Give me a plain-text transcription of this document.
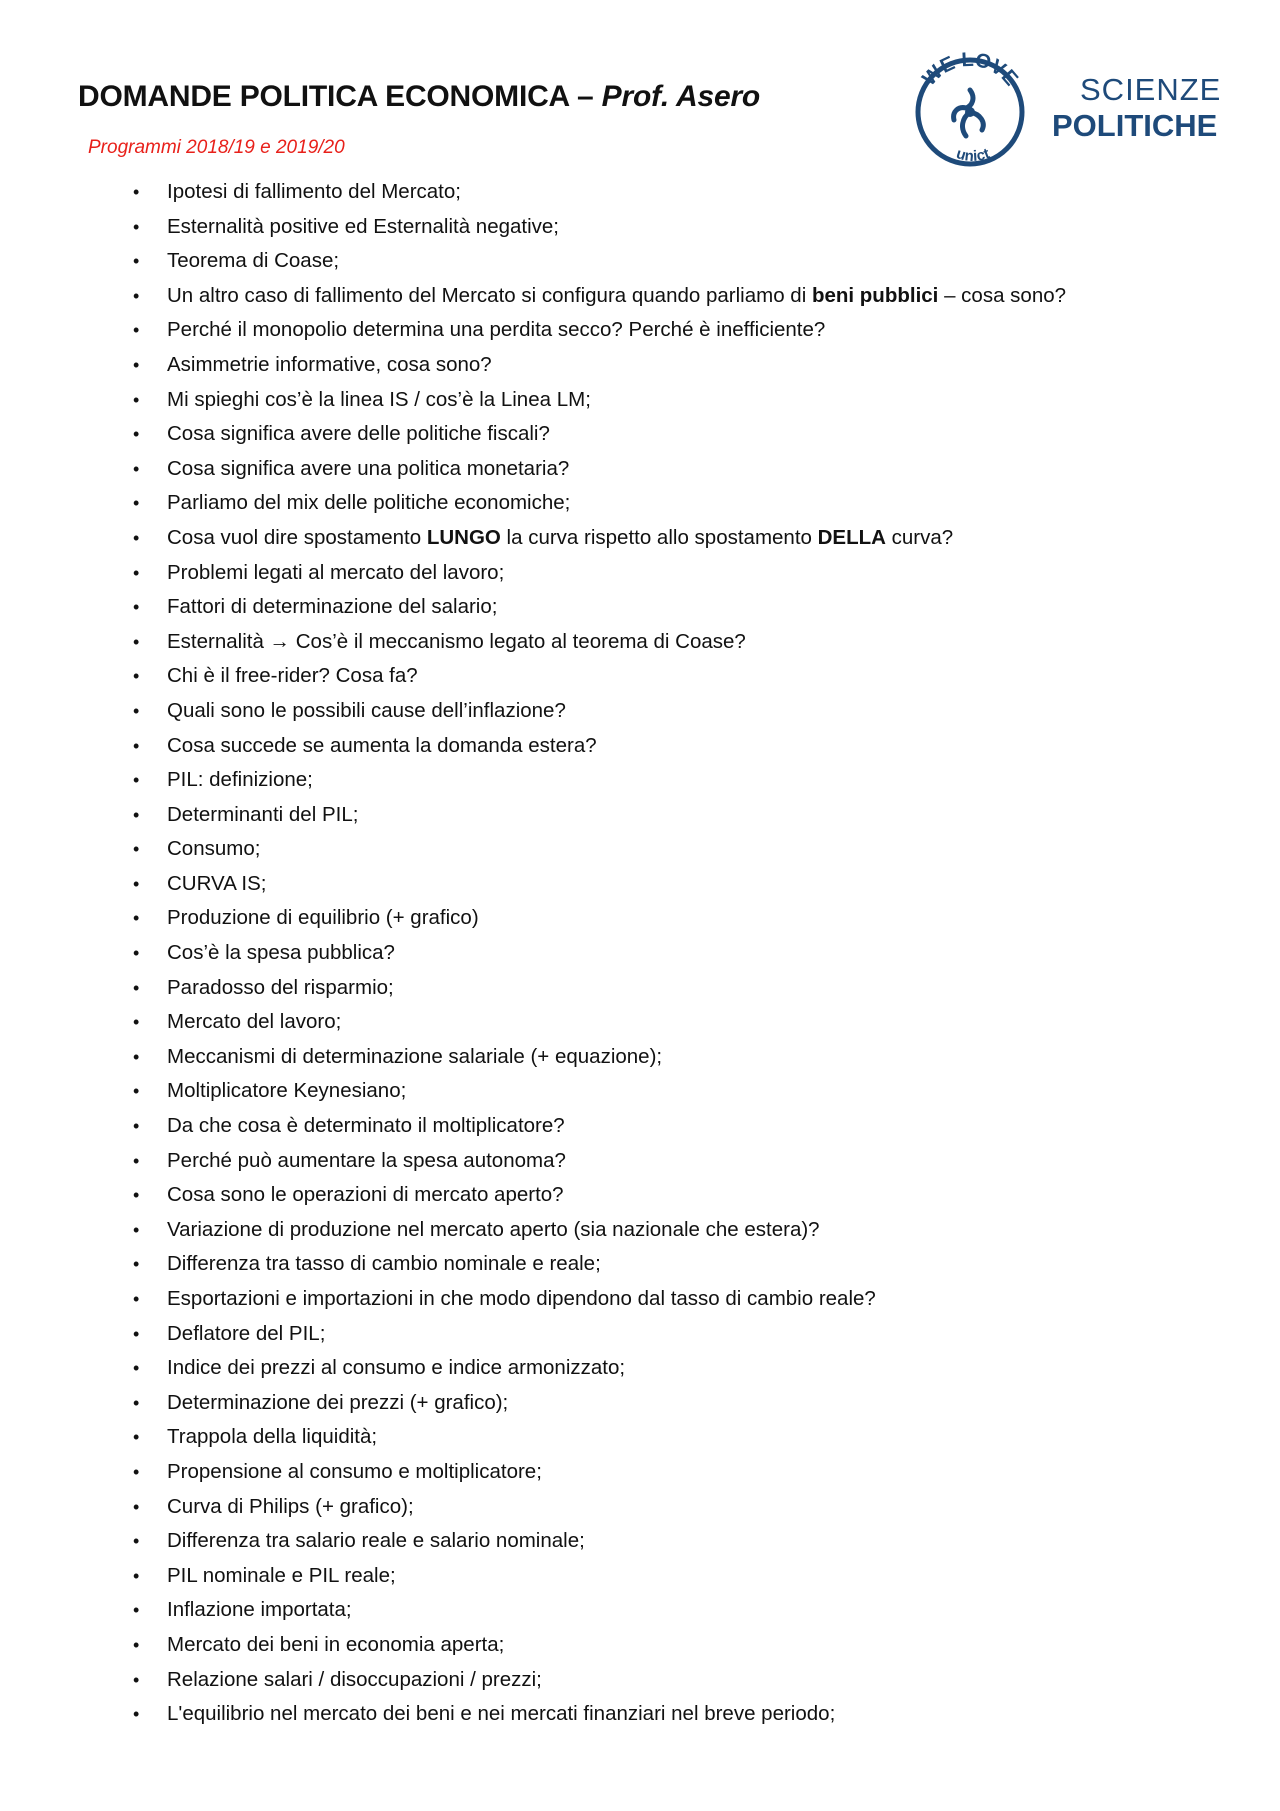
DOMANDE POLITICA ECONOMICA – Prof. Asero
Programmi 2018/19 e 2019/20
WE LOVE
unict
SCIENZE
POLITICHE
• Ipotesi di fallimento del Mercato;
• Esternalità positive ed Esternalità negative;
• Teorema di Coase;
• Un altro caso di fallimento del Mercato si configura quando parliamo di beni pubblici – cosa sono?
• Perché il monopolio determina una perdita secco? Perché è inefficiente?
• Asimmetrie informative, cosa sono?
• Mi spieghi cos’è la linea IS / cos’è la Linea LM;
• Cosa significa avere delle politiche fiscali?
• Cosa significa avere una politica monetaria?
• Parliamo del mix delle politiche economiche;
• Cosa vuol dire spostamento LUNGO la curva rispetto allo spostamento DELLA curva?
• Problemi legati al mercato del lavoro;
• Fattori di determinazione del salario;
• Esternalità → Cos’è il meccanismo legato al teorema di Coase?
• Chi è il free-rider? Cosa fa?
• Quali sono le possibili cause dell’inflazione?
• Cosa succede se aumenta la domanda estera?
• PIL: definizione;
• Determinanti del PIL;
• Consumo;
• CURVA IS;
• Produzione di equilibrio (+ grafico)
• Cos’è la spesa pubblica?
• Paradosso del risparmio;
• Mercato del lavoro;
• Meccanismi di determinazione salariale (+ equazione);
• Moltiplicatore Keynesiano;
• Da che cosa è determinato il moltiplicatore?
• Perché può aumentare la spesa autonoma?
• Cosa sono le operazioni di mercato aperto?
• Variazione di produzione nel mercato aperto (sia nazionale che estera)?
• Differenza tra tasso di cambio nominale e reale;
• Esportazioni e importazioni in che modo dipendono dal tasso di cambio reale?
• Deflatore del PIL;
• Indice dei prezzi al consumo e indice armonizzato;
• Determinazione dei prezzi (+ grafico);
• Trappola della liquidità;
• Propensione al consumo e moltiplicatore;
• Curva di Philips (+ grafico);
• Differenza tra salario reale e salario nominale;
• PIL nominale e PIL reale;
• Inflazione importata;
• Mercato dei beni in economia aperta;
• Relazione salari / disoccupazioni / prezzi;
• L'equilibrio nel mercato dei beni e nei mercati finanziari nel breve periodo;
